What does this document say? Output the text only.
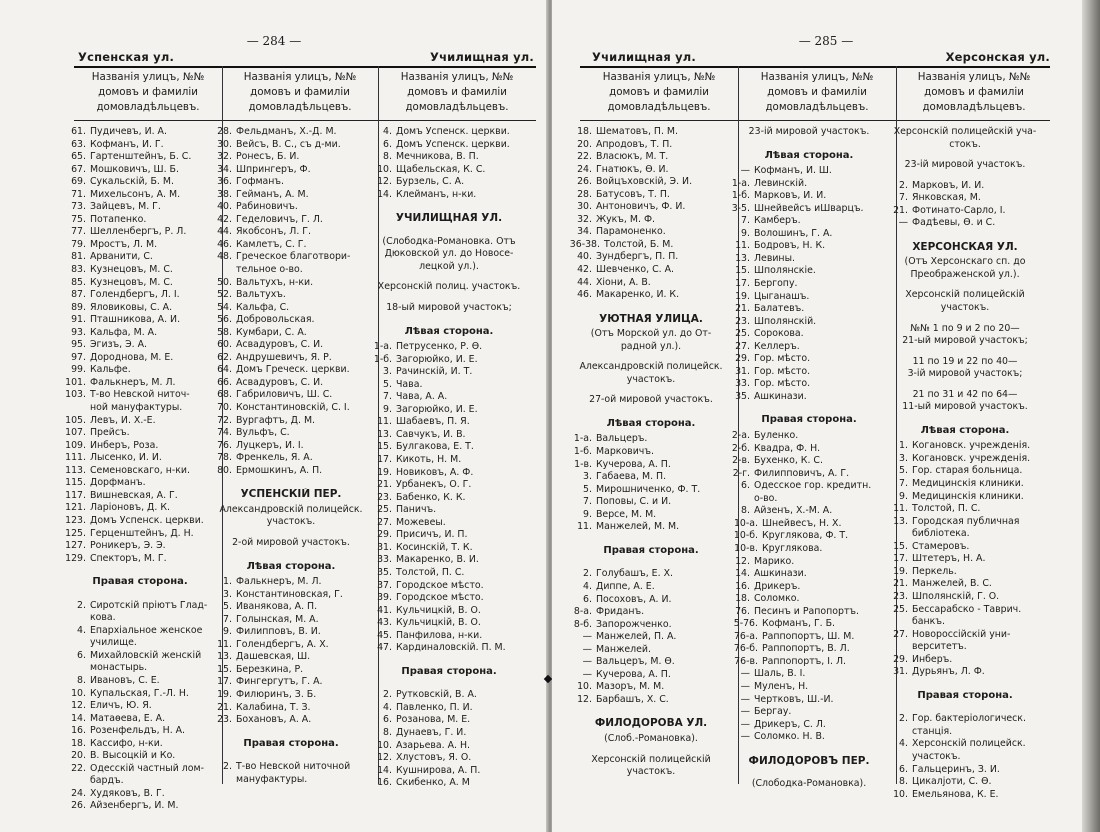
— 284 —
Успенская ул.	Училищная ул.
Названія улицъ, №№
домовъ и фамиліи
домовладѣльцевъ.
Названія улицъ, №№
домовъ и фамиліи
домовладѣльцевъ.
Названія улицъ, №№
домовъ и фамиліи
домовладѣльцевъ.
61. Пудичевъ, И. А.
63. Кофманъ, И. Г.
65. Гартенштейнъ, Б. С.
67. Мошковичъ, Ш. Б.
69. Сукальскій, Б. М.
71. Михельсонъ, А. М.
73. Зайцевъ, М. Г.
75. Потапенко.
77. Шелленбергъ, Р. Л.
79. Мростъ, Л. М.
81. Арванити, С.
83. Кузнецовъ, М. С.
85. Кузнецовъ, М. С.
87. Голендбергъ, Л. І.
89. Яловиковы, С. А.
91. Пташникова, А. И.
93. Кальфа, М. А.
95. Эгизъ, Э. А.
97. Дороднова, М. Е.
99. Кальфе.
101. Фалькнеръ, М. Л.
103. Т-во Невской ниточ-
ной мануфактуры.
105. Левъ, И. Х.-Е.
107. Прейсъ.
109. Инберъ, Роза.
111. Лысенко, И. И.
113. Семеновскаго, н-ки.
115. Дорфманъ.
117. Вишневская, А. Г.
121. Ларіоновъ, Д. К.
123. Домъ Успенск. церкви.
125. Герценштейнъ, Д. Н.
127. Роникеръ, Э. Э.
129. Спекторъ, М. Г.
Правая сторона.
2. Сиротскій пріютъ Глад-
кова.
4. Епархіальное женское
училище.
6. Михайловскій женскій
монастырь.
8. Ивановъ, С. Е.
10. Купальская, Г.-Л. Н.
12. Еличъ, Ю. Я.
14. Матаѳева, Е. А.
16. Розенфельдъ, Н. А.
18. Кассифо, н-ки.
20. В. Высоцкій и Ко.
22. Одесскій частный лом-
бардъ.
24. Худяковъ, В. Г.
26. Айзенбергъ, И. М.
28. Фельдманъ, Х.-Д. М.
30. Вейсъ, В. С., съ д-ми.
32. Ронесъ, Б. И.
34. Шпрингеръ, Ф.
36. Гофманъ.
38. Гейманъ, А. М.
40. Рабиновичъ.
42. Геделовичъ, Г. Л.
44. Якобсонъ, Л. Г.
46. Камлетъ, С. Г.
48. Греческое благотвори-
тельное о-во.
50. Вальтухъ, н-ки.
52. Вальтухъ.
54. Кальфа, С.
56. Добровольская.
58. Кумбари, С. А.
60. Асвадуровъ, С. И.
62. Андрушевичъ, Я. Р.
64. Домъ Греческ. церкви.
66. Асвадуровъ, С. И.
68. Габриловичъ, Ш. С.
70. Константиновскій, С. І.
72. Вургафтъ, Д. М.
74. Вульфъ, С.
76. Луцкеръ, И. І.
78. Френкель, Я. А.
80. Ермошкинъ, А. П.
УСПЕНСКІЙ ПЕР.
Александровскій полицейск.
участокъ.
2-ой мировой участокъ.
Лѣвая сторона.
1. Фалькнеръ, М. Л.
3. Константиновская, Г.
5. Иванякова, А. П.
7. Голынская, М. А.
9. Филипповъ, В. И.
11. Голендбергъ, А. Х.
13. Дашевская, Ш.
15. Березкина, Р.
17. Фингергутъ, Г. А.
19. Филюринъ, З. Б.
21. Калабина, Т. З.
23. Бохановъ, А. А.
Правая сторона.
2. Т-во Невской ниточной
мануфактуры.
4. Домъ Успенск. церкви.
6. Домъ Успенск. церкви.
8. Мечникова, В. П.
10. Щабельская, К. С.
12. Бурзель, С. А.
14. Клейманъ, н-ки.
УЧИЛИЩНАЯ УЛ.
(Слободка-Романовка. Отъ
Дюковской ул. до Новосе-
лецкой ул.).
Херсонскій полиц. участокъ.
18-ый мировой участокъ;
Лѣвая сторона.
1-а. Петрусенко, Р. Ѳ.
1-б. Загорюйко, И. Е.
3. Рачинскій, И. Т.
5. Чава.
7. Чава, А. А.
9. Загорюйко, И. Е.
11. Шабаевъ, П. Я.
13. Савчукъ, И. В.
15. Булгакова, Е. Т.
17. Кикоть, Н. М.
19. Новиковъ, А. Ф.
21. Урбанекъ, О. Г.
23. Бабенко, К. К.
25. Паничъ.
27. Можевеы.
29. Присичъ, И. П.
31. Косинскій, Т. К.
33. Макаренко, В. И.
35. Толстой, П. С.
37. Городское мѣсто.
39. Городское мѣсто.
41. Кульчицкій, В. О.
43. Кульчицкій, В. О.
45. Панфилова, н-ки.
47. Кардиналовскій. П. М.
Правая сторона.
2. Рутковскій, В. А.
4. Павленко, П. И.
6. Розанова, М. Е.
8. Дунаевъ, Г. И.
10. Азарьева. А. Н.
12. Хлустовъ, Я. О.
14. Кушнирова, А. П.
16. Скибенко, А. М
— 285 —
Училищная ул.	Херсонская ул.
Названія улицъ, №№
домовъ и фамиліи
домовладѣльцевъ.
Названія улицъ, №№
домовъ и фамиліи
домовладѣльцевъ.
Названія улицъ, №№
домовъ и фамиліи
домовладѣльцевъ.
18. Шематовъ, П. М.
20. Апродовъ, Т. П.
22. Власюкъ, М. Т.
24. Гнатюкъ, Ѳ. И.
26. Войцъховскій, Э. И.
28. Батусовъ, Т. П.
30. Антоновичъ, Ф. И.
32. Жукъ, М. Ф.
34. Парамоненко.
36-38. Толстой, Б. М.
40. Зундбергъ, П. П.
42. Шевченко, С. А.
44. Хіони, А. В.
46. Макаренко, И. К.
УЮТНАЯ УЛИЦА.
(Отъ Морской ул. до От-
радной ул.).
Александровскій полицейск.
участокъ.
27-ой мировой участокъ.
Лѣвая сторона.
1-а. Вальцеръ.
1-б. Марковичъ.
1-в. Кучерова, А. П.
3. Габаева, М. П.
5. Мирошниченко, Ф. Т.
7. Поповы, С. и И.
9. Версе, М. М.
11. Манжелей, М. М.
Правая сторона.
2. Голубашъ, Е. Х.
4. Диппе, А. Е.
6. Посоховъ, А. И.
8-а. Фриданъ.
8-б. Запорожченко.
— Манжелей, П. А.
— Манжелей.
— Вальцеръ, М. Ѳ.
— Кучерова, А. П.
10. Мазоръ, М. М.
12. Барбашъ, Х. С.
ФИЛОДОРОВА УЛ.
(Слоб.-Романовка).
Херсонскій полицейскій
участокъ.
23-ій мировой участокъ.
Лѣвая сторона.
— Кофманъ, И. Ш.
1-а. Левинскій.
1-б. Марковъ, И. И.
3-5. Шнейвейсъ иШварцъ.
7. Камберъ.
9. Волошинъ, Г. А.
11. Бодровъ, Н. К.
13. Левины.
15. Шполянскіе.
17. Бергопу.
19. Цыганашъ.
21. Балатевъ.
23. Шполянскій.
25. Сорокова.
27. Келлеръ.
29. Гор. мѣсто.
31. Гор. мѣсто.
33. Гор. мѣсто.
35. Ашкинази.
Правая сторона.
2-а. Буленко.
2-б. Квадра, Ф. Н.
2-в. Бухенко, К. С.
2-г. Филипповичъ, А. Г.
6. Одесское гор. кредитн.
о-во.
8. Айзенъ, Х.-М. А.
10-а. Шнейвесъ, Н. Х.
10-б. Круглякова, Ф. Т.
10-в. Круглякова.
12. Марико.
14. Ашкинази.
16. Дрикеръ.
18. Соломко.
76. Песинъ и Рапопортъ.
5-76. Кофманъ, Г. Б.
76-а. Раппопортъ, Ш. М.
76-б. Раппопортъ, В. Л.
76-в. Раппопортъ, І. Л.
— Шаль, В. І.
— Муленъ, Н.
— Чертковъ, Ш.-И.
— Бергау.
— Дрикеръ, С. Л.
— Соломко. Н. В.
ФИЛОДОРОВЪ ПЕР.
(Слободка-Романовка).
Херсонскій полицейскій уча-
стокъ.
23-ій мировой участокъ.
2. Марковъ, И. И.
7. Янковская, М.
21. Фотинато-Сарло, І.
— Фадѣевы, Ѳ. и С.
ХЕРСОНСКАЯ УЛ.
(Отъ Херсонскаго сп. до
Преображенской ул.).
Херсонскій полицейскій
участокъ.
№№ 1 по 9 и 2 по 20—
21-ый мировой участокъ;
11 по 19 и 22 по 40—
3-ій мировой участокъ;
21 по 31 и 42 по 64—
11-ый мировой участокъ.
Лѣвая сторона.
1. Когановск. учрежденія.
3. Когановск. учрежденія.
5. Гор. старая больница.
7. Медицинскія клиники.
9. Медицинскія клиники.
11. Толстой, П. С.
13. Городская публичная
библіотека.
15. Стамеровъ.
17. Штетеръ, Н. А.
19. Перкель.
21. Манжелей, В. С.
23. Шполянскій, Г. О.
25. Бессарабско - Таврич.
банкъ.
27. Новороссійскій уни-
верситетъ.
29. Инберъ.
31. Дурьянъ, Л. Ф.
Правая сторона.
2. Гор. бактеріологическ.
станція.
4. Херсонскій полицейск.
участокъ.
6. Гальцеринъ, З. И.
8. Цикалjоти, С. Ѳ.
10. Емельянова, К. Е.
